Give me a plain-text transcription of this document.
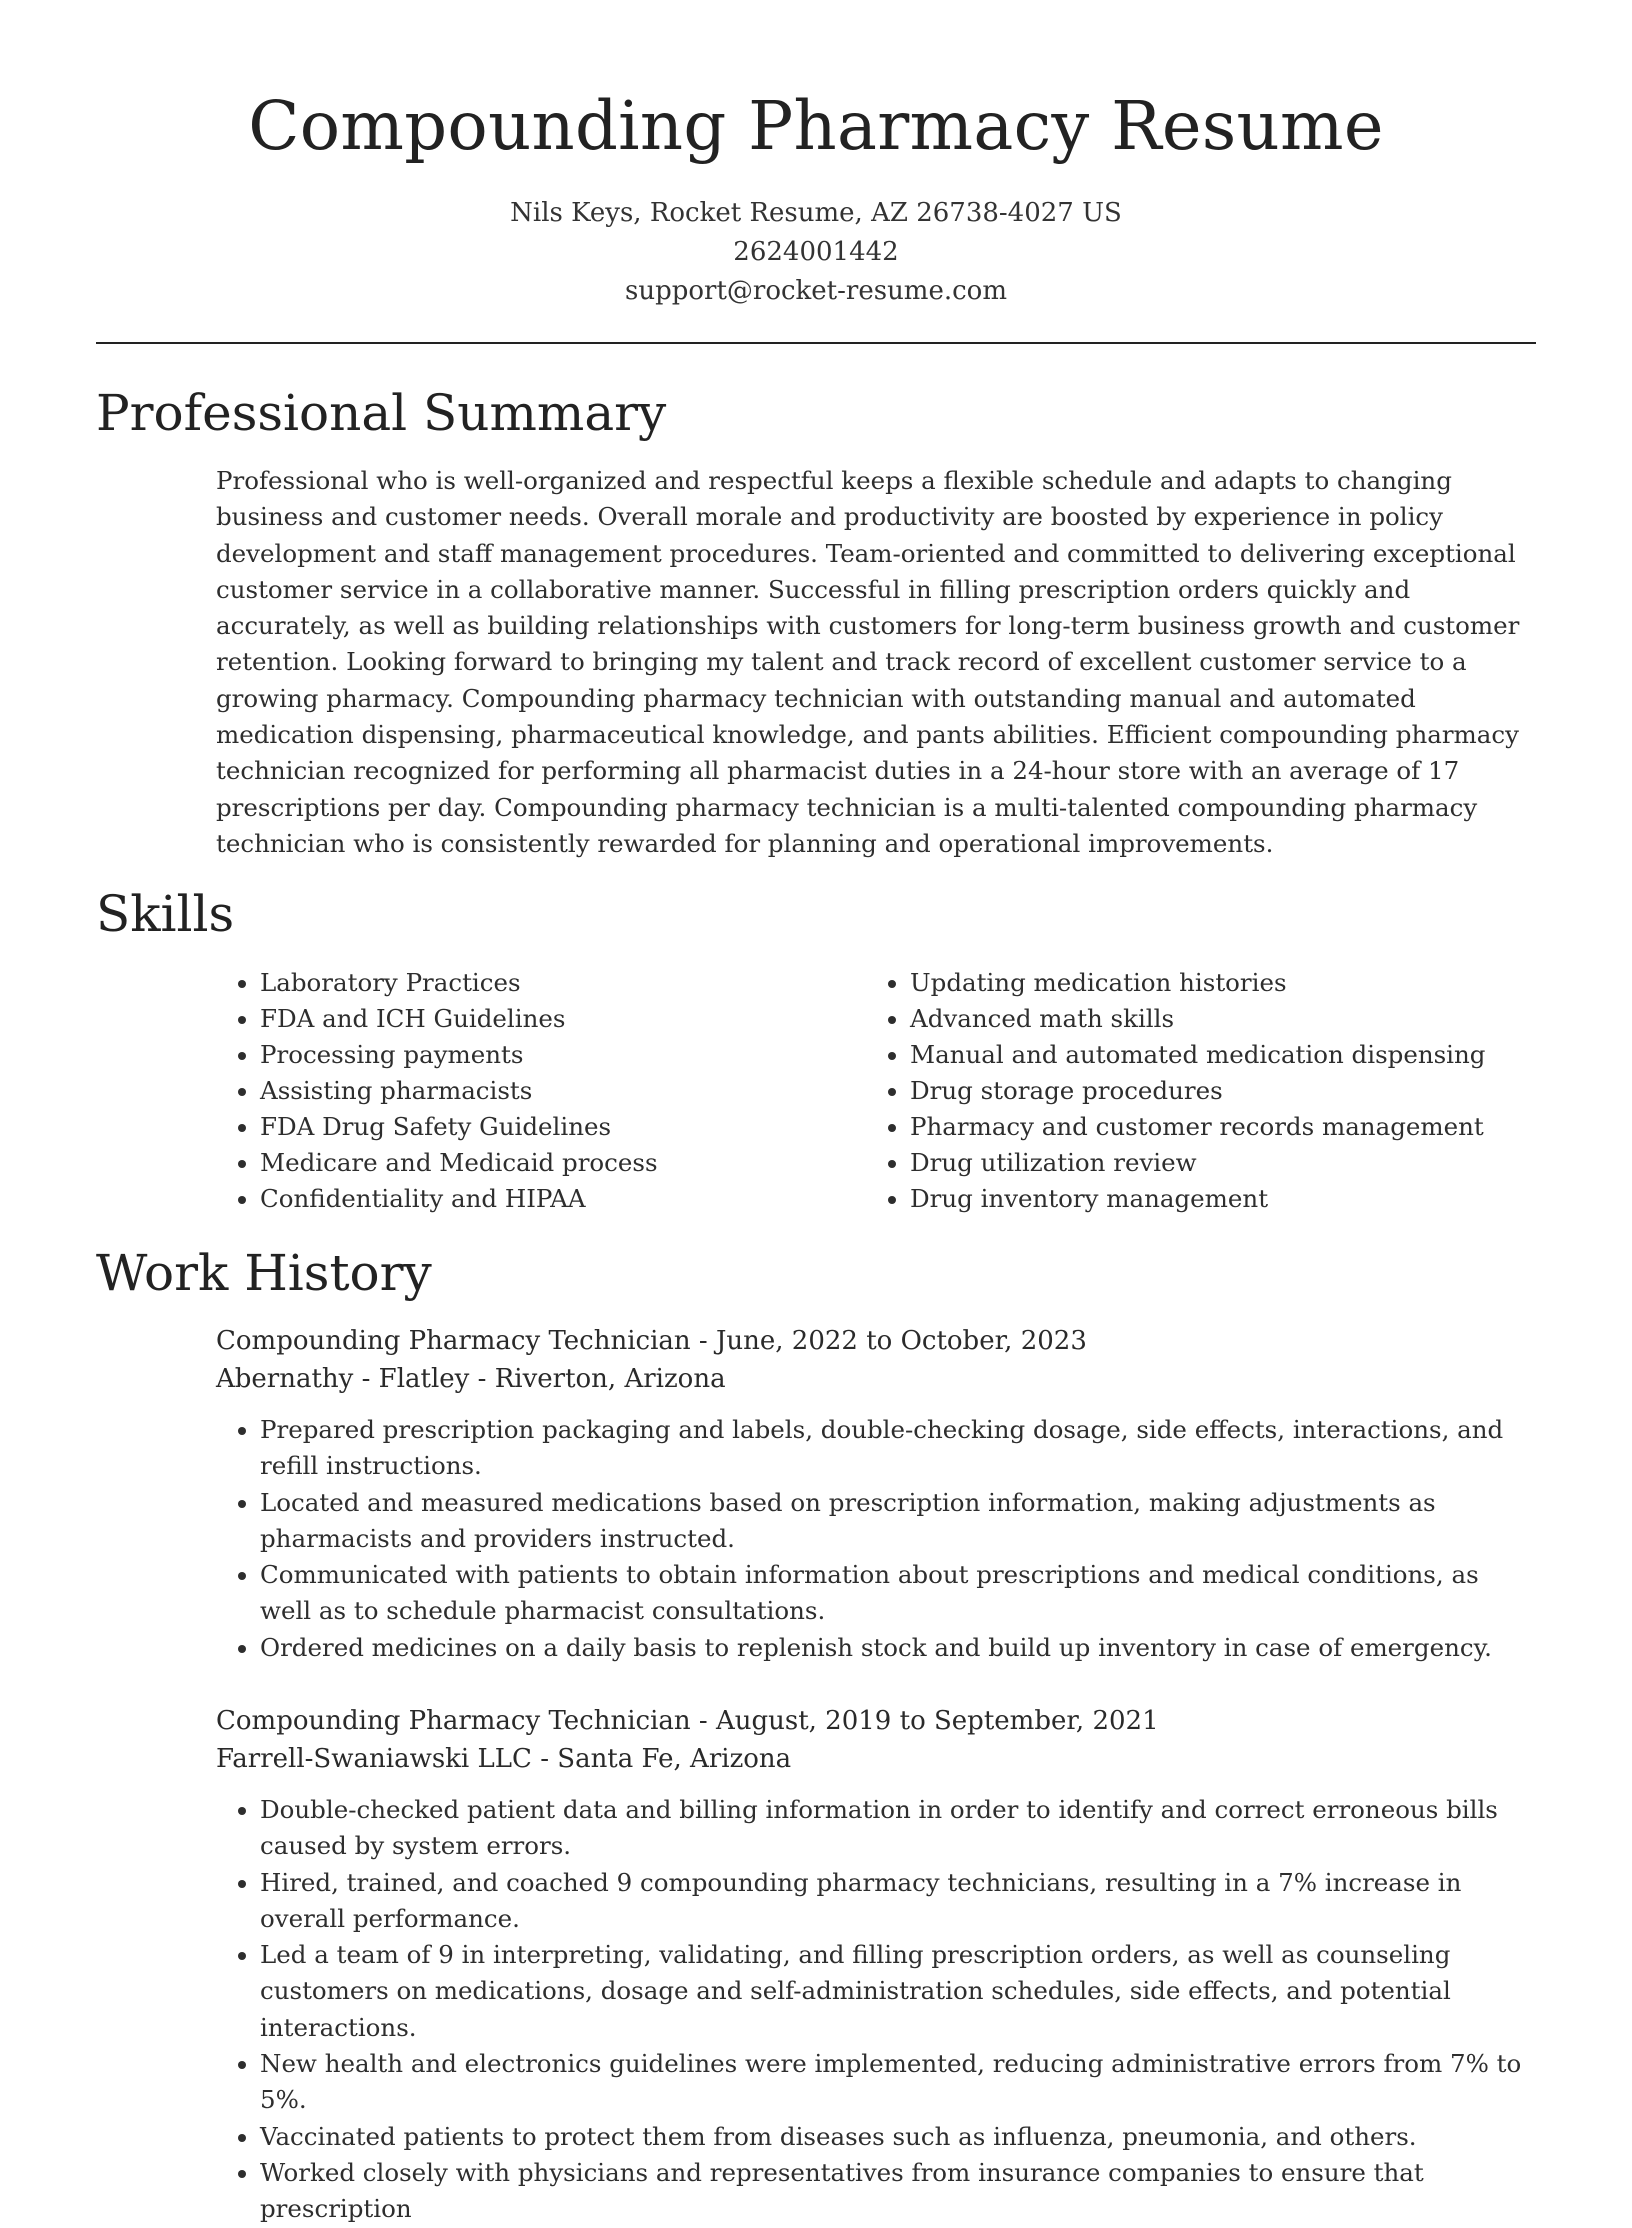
Compounding Pharmacy Resume
Nils Keys, Rocket Resume, AZ 26738-4027 US
2624001442
support@rocket-resume.com
Professional Summary

Professional who is well-organized and respectful keeps a flexible schedule and adapts to changing business and customer needs. Overall morale and productivity are boosted by experience in policy development and staff management procedures. Team-oriented and committed to delivering exceptional customer service in a collaborative manner. Successful in filling prescription orders quickly and accurately, as well as building relationships with customers for long-term business growth and customer retention. Looking forward to bringing my talent and track record of excellent customer service to a growing pharmacy. Compounding pharmacy technician with outstanding manual and automated medication dispensing, pharmaceutical knowledge, and pants abilities. Efficient compounding pharmacy technician recognized for performing all pharmacist duties in a 24-hour store with an average of 17 prescriptions per day. Compounding pharmacy technician is a multi-talented compounding pharmacy technician who is consistently rewarded for planning and operational improvements.

Skills
• Laboratory Practices
• FDA and ICH Guidelines
• Processing payments
• Assisting pharmacists
• FDA Drug Safety Guidelines
• Medicare and Medicaid process
• Confidentiality and HIPAA
• Updating medication histories
• Advanced math skills
• Manual and automated medication dispensing
• Drug storage procedures
• Pharmacy and customer records management
• Drug utilization review
• Drug inventory management
Work History

Compounding Pharmacy Technician - June, 2022 to October, 2023

Abernathy - Flatley - Riverton, Arizona

• Prepared prescription packaging and labels, double-checking dosage, side effects, interactions, and refill instructions.
• Located and measured medications based on prescription information, making adjustments as pharmacists and providers instructed.
• Communicated with patients to obtain information about prescriptions and medical conditions, as well as to schedule pharmacist consultations.
• Ordered medicines on a daily basis to replenish stock and build up inventory in case of emergency.

Compounding Pharmacy Technician - August, 2019 to September, 2021

Farrell-Swaniawski LLC - Santa Fe, Arizona

• Double-checked patient data and billing information in order to identify and correct erroneous bills caused by system errors.
• Hired, trained, and coached 9 compounding pharmacy technicians, resulting in a 7% increase in overall performance.
• Led a team of 9 in interpreting, validating, and filling prescription orders, as well as counseling customers on medications, dosage and self-administration schedules, side effects, and potential interactions.
• New health and electronics guidelines were implemented, reducing administrative errors from 7% to 5%.
• Vaccinated patients to protect them from diseases such as influenza, pneumonia, and others.
• Worked closely with physicians and representatives from insurance companies to ensure that prescription
